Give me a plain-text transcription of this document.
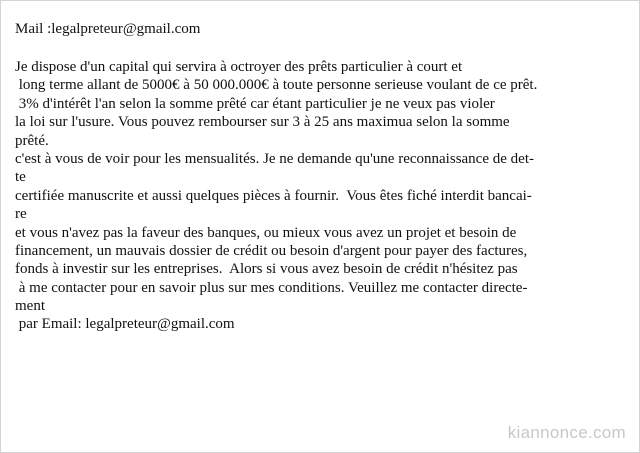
Mail :legalpreteur@gmail.com
Je dispose d'un capital qui servira à octroyer des prêts particulier à court et
long terme allant de 5000€ à 50 000.000€ à toute personne serieuse voulant de ce prêt.
3% d'intérêt l'an selon la somme prêté car étant particulier je ne veux pas violer
la loi sur l'usure. Vous pouvez rembourser sur 3 à 25 ans maximua selon la somme
prêté.
c'est à vous de voir pour les mensualités. Je ne demande qu'une reconnaissance de det-
te
certifiée manuscrite et aussi quelques pièces à fournir.  Vous êtes fiché interdit bancai-
re
et vous n'avez pas la faveur des banques, ou mieux vous avez un projet et besoin de
financement, un mauvais dossier de crédit ou besoin d'argent pour payer des factures,
fonds à investir sur les entreprises.  Alors si vous avez besoin de crédit n'hésitez pas
à me contacter pour en savoir plus sur mes conditions. Veuillez me contacter directe-
ment
par Email: legalpreteur@gmail.com
kiannonce.com
